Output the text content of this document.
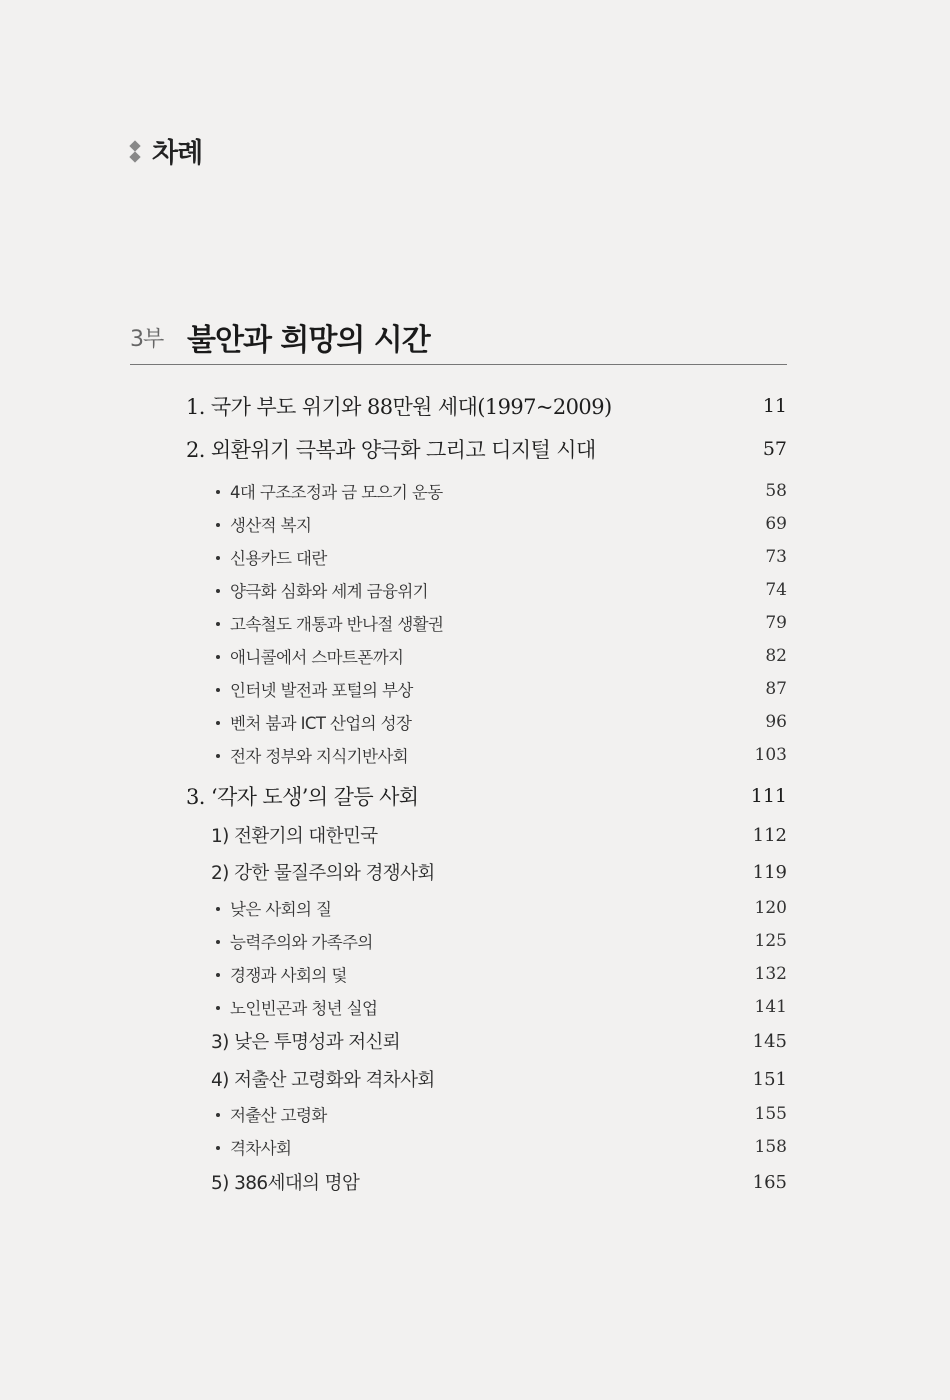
차례
3부 불안과 희망의 시간
1. 국가 부도 위기와 88만원 세대(1997~2009)	11
2. 외환위기 극복과 양극화 그리고 디지털 시대	57
4대 구조조정과 금 모으기 운동	58
생산적 복지	69
신용카드 대란	73
양극화 심화와 세계 금융위기	74
고속철도 개통과 반나절 생활권	79
애니콜에서 스마트폰까지	82
인터넷 발전과 포털의 부상	87
벤처 붐과 ICT 산업의 성장	96
전자 정부와 지식기반사회	103
3. ‘각자 도생’의 갈등 사회	111
1) 전환기의 대한민국	112
2) 강한 물질주의와 경쟁사회	119
낮은 사회의 질	120
능력주의와 가족주의	125
경쟁과 사회의 덫	132
노인빈곤과 청년 실업	141
3) 낮은 투명성과 저신뢰	145
4) 저출산 고령화와 격차사회	151
저출산 고령화	155
격차사회	158
5) 386세대의 명암	165
